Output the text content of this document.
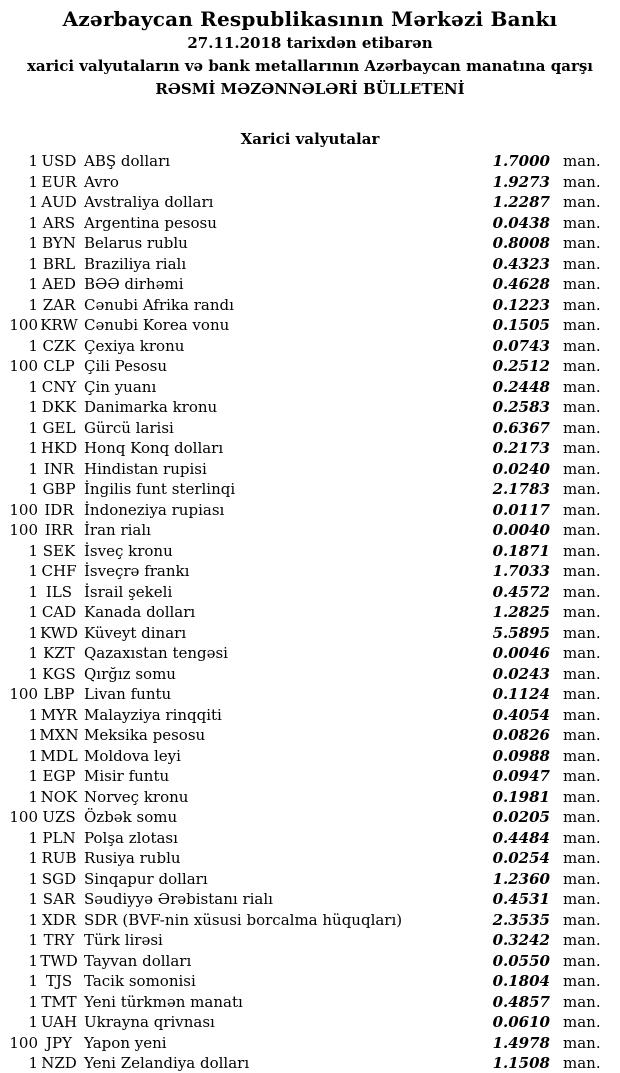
Azərbaycan Respublikasının Mərkəzi Bankı
27.11.2018 tarixdən etibarən
xarici valyutaların və bank metallarının Azərbaycan manatına qarşı
RƏSMİ MƏZƏNNƏLƏRİ BÜLLETENİ
Xarici valyutalar
1 USD ABŞ dolları	1.7000 man.
1 EUR Avro	1.9273 man.
1 AUD Avstraliya dolları	1.2287 man.
1 ARS Argentina pesosu	0.0438 man.
1 BYN Belarus rublu	0.8008 man.
1 BRL Braziliya rialı	0.4323 man.
1 AED BƏƏ dirhəmi	0.4628 man.
1 ZAR Cənubi Afrika randı	0.1223 man.
100 KRW Cənubi Korea vonu	0.1505 man.
1 CZK Çexiya kronu	0.0743 man.
100 CLP Çili Pesosu	0.2512 man.
1 CNY Çin yuanı	0.2448 man.
1 DKK Danimarka kronu	0.2583 man.
1 GEL Gürcü larisi	0.6367 man.
1 HKD Honq Konq dolları	0.2173 man.
1 INR Hindistan rupisi	0.0240 man.
1 GBP İngilis funt sterlinqi	2.1783 man.
100 IDR İndoneziya rupiası	0.0117 man.
100 IRR İran rialı	0.0040 man.
1 SEK İsveç kronu	0.1871 man.
1 CHF İsveçrə frankı	1.7033 man.
1 ILS İsrail şekeli	0.4572 man.
1 CAD Kanada dolları	1.2825 man.
1 KWD Küveyt dinarı	5.5895 man.
1 KZT Qazaxıstan tengəsi	0.0046 man.
1 KGS Qırğız somu	0.0243 man.
100 LBP Livan funtu	0.1124 man.
1 MYR Malayziya rinqqiti	0.4054 man.
1 MXN Meksika pesosu	0.0826 man.
1 MDL Moldova leyi	0.0988 man.
1 EGP Misir funtu	0.0947 man.
1 NOK Norveç kronu	0.1981 man.
100 UZS Özbək somu	0.0205 man.
1 PLN Polşa zlotası	0.4484 man.
1 RUB Rusiya rublu	0.0254 man.
1 SGD Sinqapur dolları	1.2360 man.
1 SAR Səudiyyə Ərəbistanı rialı	0.4531 man.
1 XDR SDR (BVF-nin xüsusi borcalma hüquqları)	2.3535 man.
1 TRY Türk lirəsi	0.3242 man.
1 TWD Tayvan dolları	0.0550 man.
1 TJS Tacik somonisi	0.1804 man.
1 TMT Yeni türkmən manatı	0.4857 man.
1 UAH Ukrayna qrivnası	0.0610 man.
100 JPY Yapon yeni	1.4978 man.
1 NZD Yeni Zelandiya dolları	1.1508 man.
